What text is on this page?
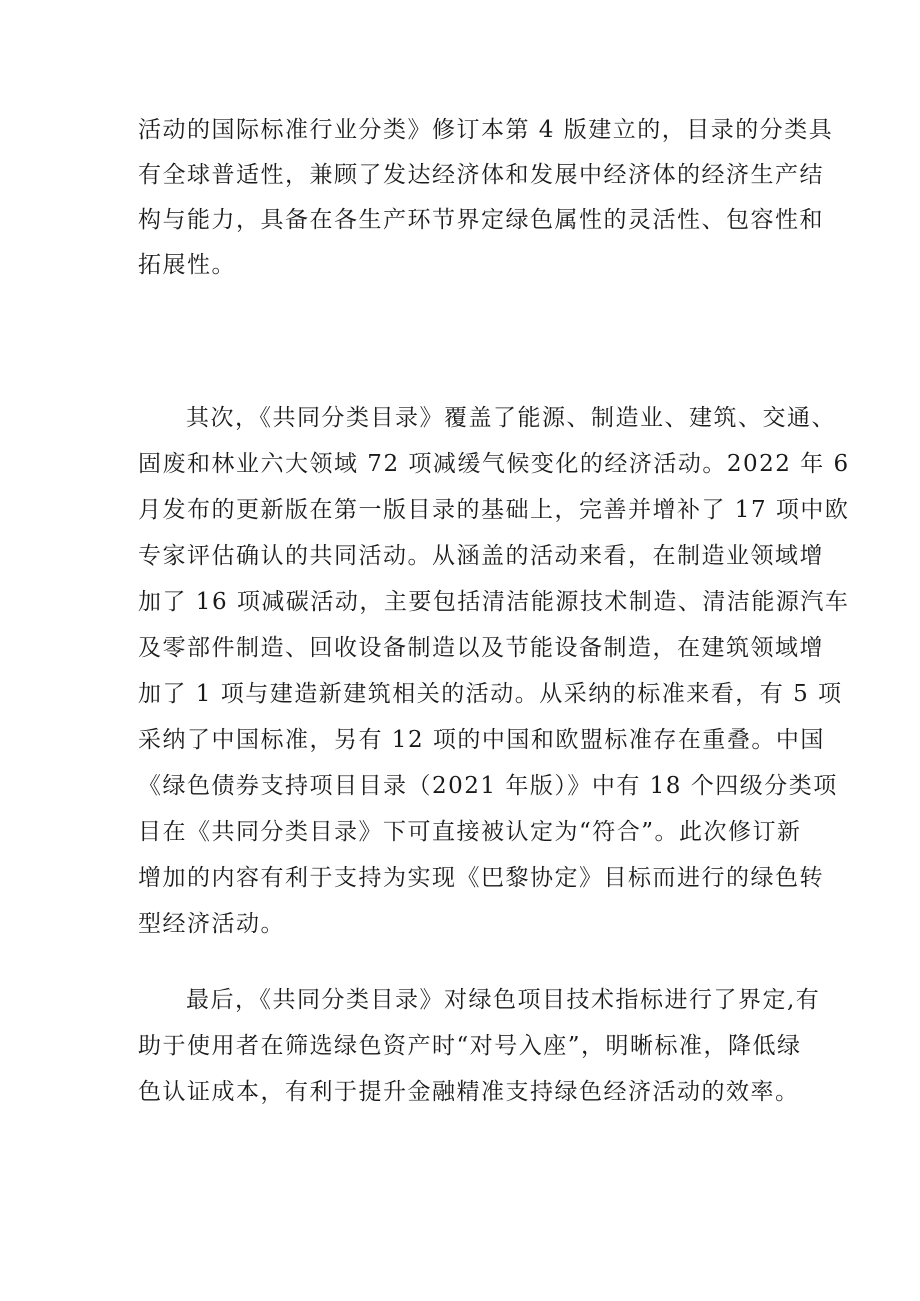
活动的国际标准行业分类》修订本第 4 版建立的，目录的分类具
有全球普适性，兼顾了发达经济体和发展中经济体的经济生产结
构与能力，具备在各生产环节界定绿色属性的灵活性、包容性和
拓展性。
其次，《共同分类目录》覆盖了能源、制造业、建筑、交通、
固废和林业六大领域 72 项减缓气候变化的经济活动。2022 年 6
月发布的更新版在第一版目录的基础上，完善并增补了 17 项中欧
专家评估确认的共同活动。从涵盖的活动来看，在制造业领域增
加了 16 项减碳活动，主要包括清洁能源技术制造、清洁能源汽车
及零部件制造、回收设备制造以及节能设备制造，在建筑领域增
加了 1 项与建造新建筑相关的活动。从采纳的标准来看，有 5 项
采纳了中国标准，另有 12 项的中国和欧盟标准存在重叠。中国
《绿色债券支持项目目录（2021 年版）》中有 18 个四级分类项
目在《共同分类目录》下可直接被认定为“符合”。此次修订新
增加的内容有利于支持为实现《巴黎协定》目标而进行的绿色转
型经济活动。
最后，《共同分类目录》对绿色项目技术指标进行了界定,有
助于使用者在筛选绿色资产时“对号入座”，明晰标准，降低绿
色认证成本，有利于提升金融精准支持绿色经济活动的效率。
